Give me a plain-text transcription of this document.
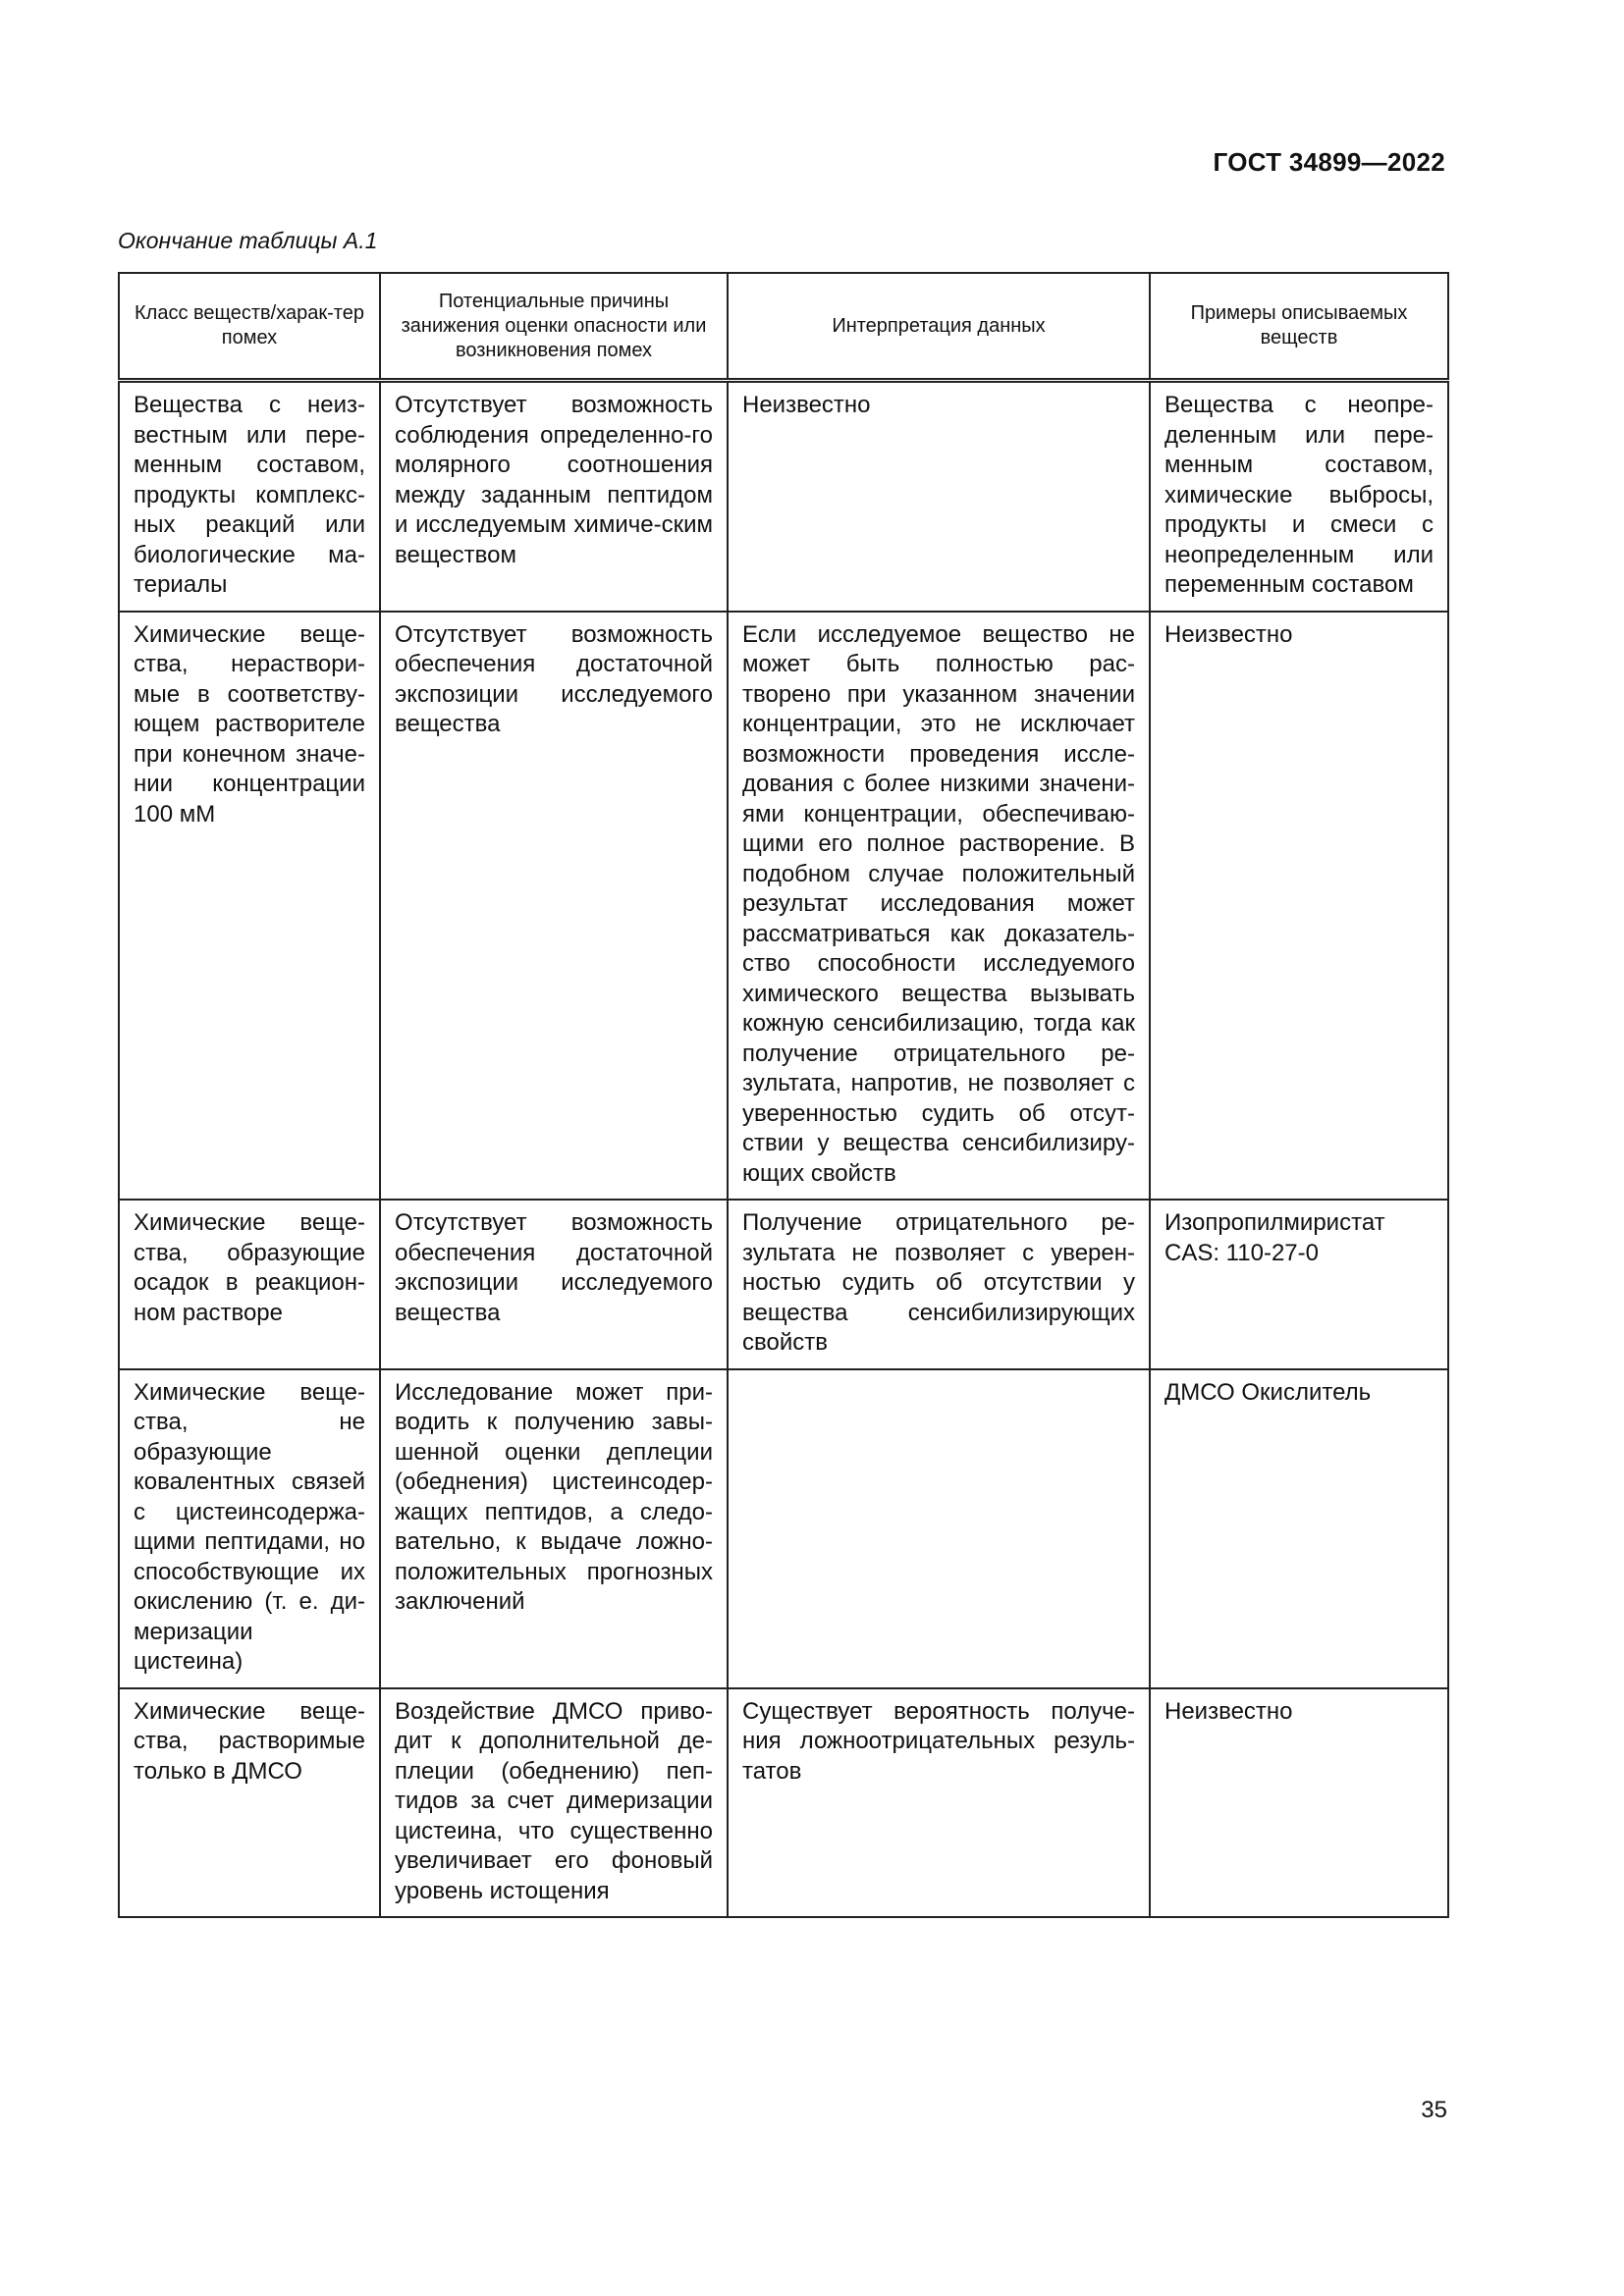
ГОСТ 34899—2022
Окончание таблицы А.1
Класс веществ/харак-тер помех	Потенциальные причины занижения оценки опасности или возникновения помех	Интерпретация данных	Примеры описываемых веществ
Вещества с неиз-вестным или пере-менным составом, продукты комплекс-ных реакций или биологические ма-териалы	Отсутствует возможность соблюдения определенно-го молярного соотношения между заданным пептидом и исследуемым химиче-ским веществом	Неизвестно	Вещества с неопре-деленным или пере-менным составом, химические выбросы, продукты и смеси с неопределенным или переменным составом
Химические веще-ства, нераствори-мые в соответству-ющем растворителе при конечном значе-нии концентрации 100 мМ	Отсутствует возможность обеспечения достаточной экспозиции исследуемого вещества	Если исследуемое вещество не может быть полностью рас-творено при указанном значении концентрации, это не исключает возможности проведения иссле-дования с более низкими значени-ями концентрации, обеспечиваю-щими его полное растворение. В подобном случае положительный результат исследования может рассматриваться как доказатель-ство способности исследуемого химического вещества вызывать кожную сенсибилизацию, тогда как получение отрицательного ре-зультата, напротив, не позволяет с уверенностью судить об отсут-ствии у вещества сенсибилизиру-ющих свойств	Неизвестно
Химические веще-ства, образующие осадок в реакцион-ном растворе	Отсутствует возможность обеспечения достаточной экспозиции исследуемого вещества	Получение отрицательного ре-зультата не позволяет с уверен-ностью судить об отсутствии у вещества сенсибилизирующих свойств	Изопропилмиристат CAS: 110-27-0
Химические веще-ства, не образующие ковалентных связей с цистеинсодержа-щими пептидами, но способствующие их окислению (т. е. ди-меризации цистеина)	Исследование может при-водить к получению завы-шенной оценки деплеции (обеднения) цистеинсодер-жащих пептидов, а следо-вательно, к выдаче ложно-положительных прогнозных заключений		ДМСО Окислитель
Химические веще-ства, растворимые только в ДМСО	Воздействие ДМСО приво-дит к дополнительной де-плеции (обеднению) пеп-тидов за счет димеризации цистеина, что существенно увеличивает его фоновый уровень истощения	Существует вероятность получе-ния ложноотрицательных резуль-татов	Неизвестно
35
